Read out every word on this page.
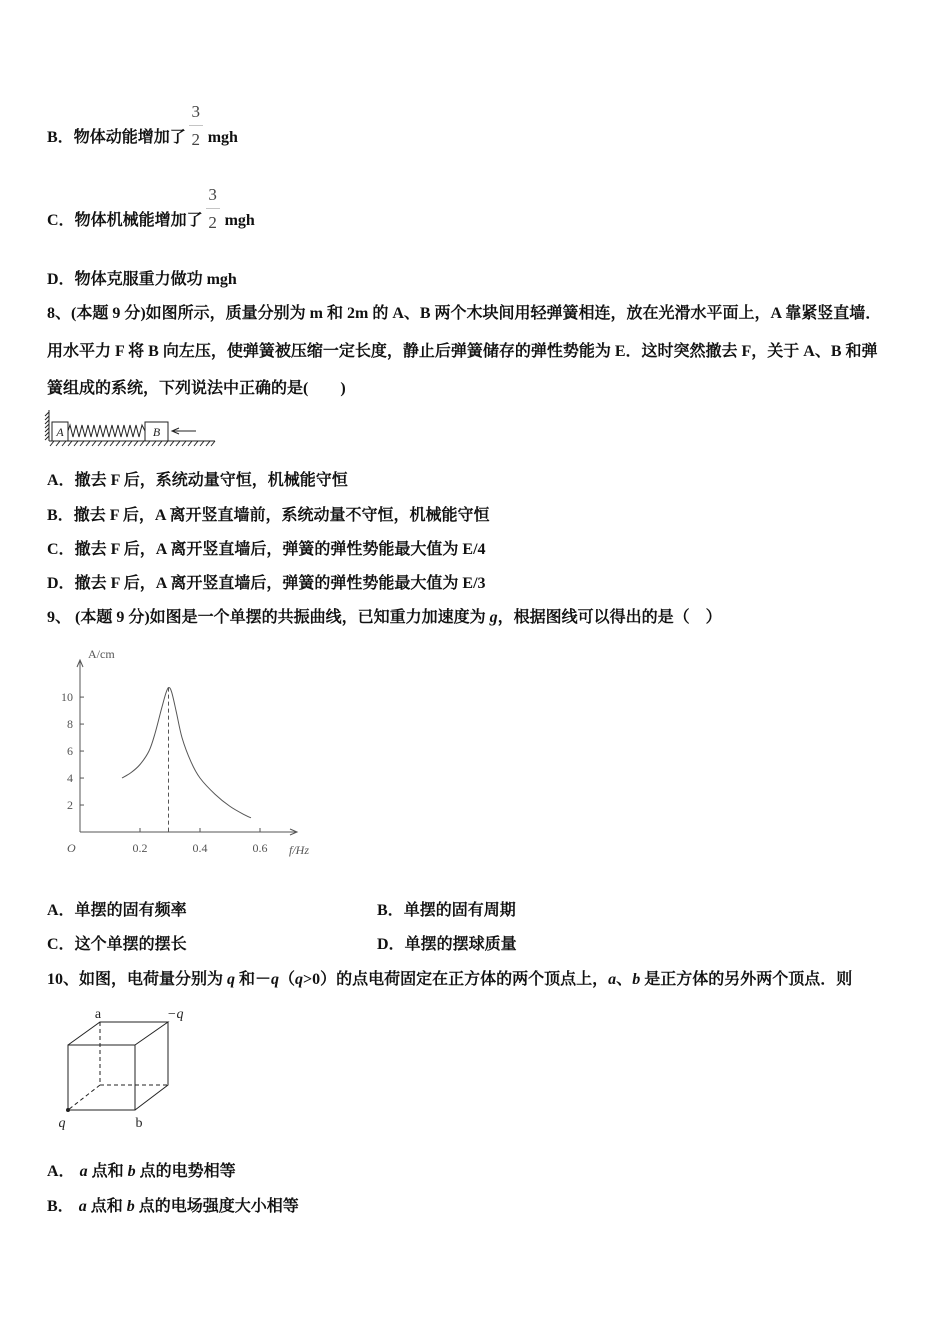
B．物体动能增加了 $\frac{3}{2}$ mgh
C．物体机械能增加了 $\frac{3}{2}$ mgh
D．物体克服重力做功 mgh
8、(本题 9 分)如图所示，质量分别为 m 和 2m 的 A、B 两个木块间用轻弹簧相连，放在光滑水平面上，A 靠紧竖直墙．
用水平力 F 将 B 向左压，使弹簧被压缩一定长度，静止后弹簧储存的弹性势能为 E．这时突然撤去 F，关于 A、B 和弹
簧组成的系统，下列说法中正确的是(　　)
A	B
A．撤去 F 后，系统动量守恒，机械能守恒
B．撤去 F 后，A 离开竖直墙前，系统动量不守恒，机械能守恒
C．撤去 F 后，A 离开竖直墙后，弹簧的弹性势能最大值为 E/4
D．撤去 F 后，A 离开竖直墙后，弹簧的弹性势能最大值为 E/3
9、 (本题 9 分)如图是一个单摆的共振曲线，已知重力加速度为 g，根据图线可以得出的是（　）
A/cm
f/Hz
O
2
4
6
8
10
0.2	0.4	0.6
A．单摆的固有频率	B．单摆的固有周期
C．这个单摆的摆长	D．单摆的摆球质量
10、如图，电荷量分别为 q 和－q（q>0）的点电荷固定在正方体的两个顶点上，a、b 是正方体的另外两个顶点．则
a	−q
q	b
A． a 点和 b 点的电势相等
B． a 点和 b 点的电场强度大小相等
